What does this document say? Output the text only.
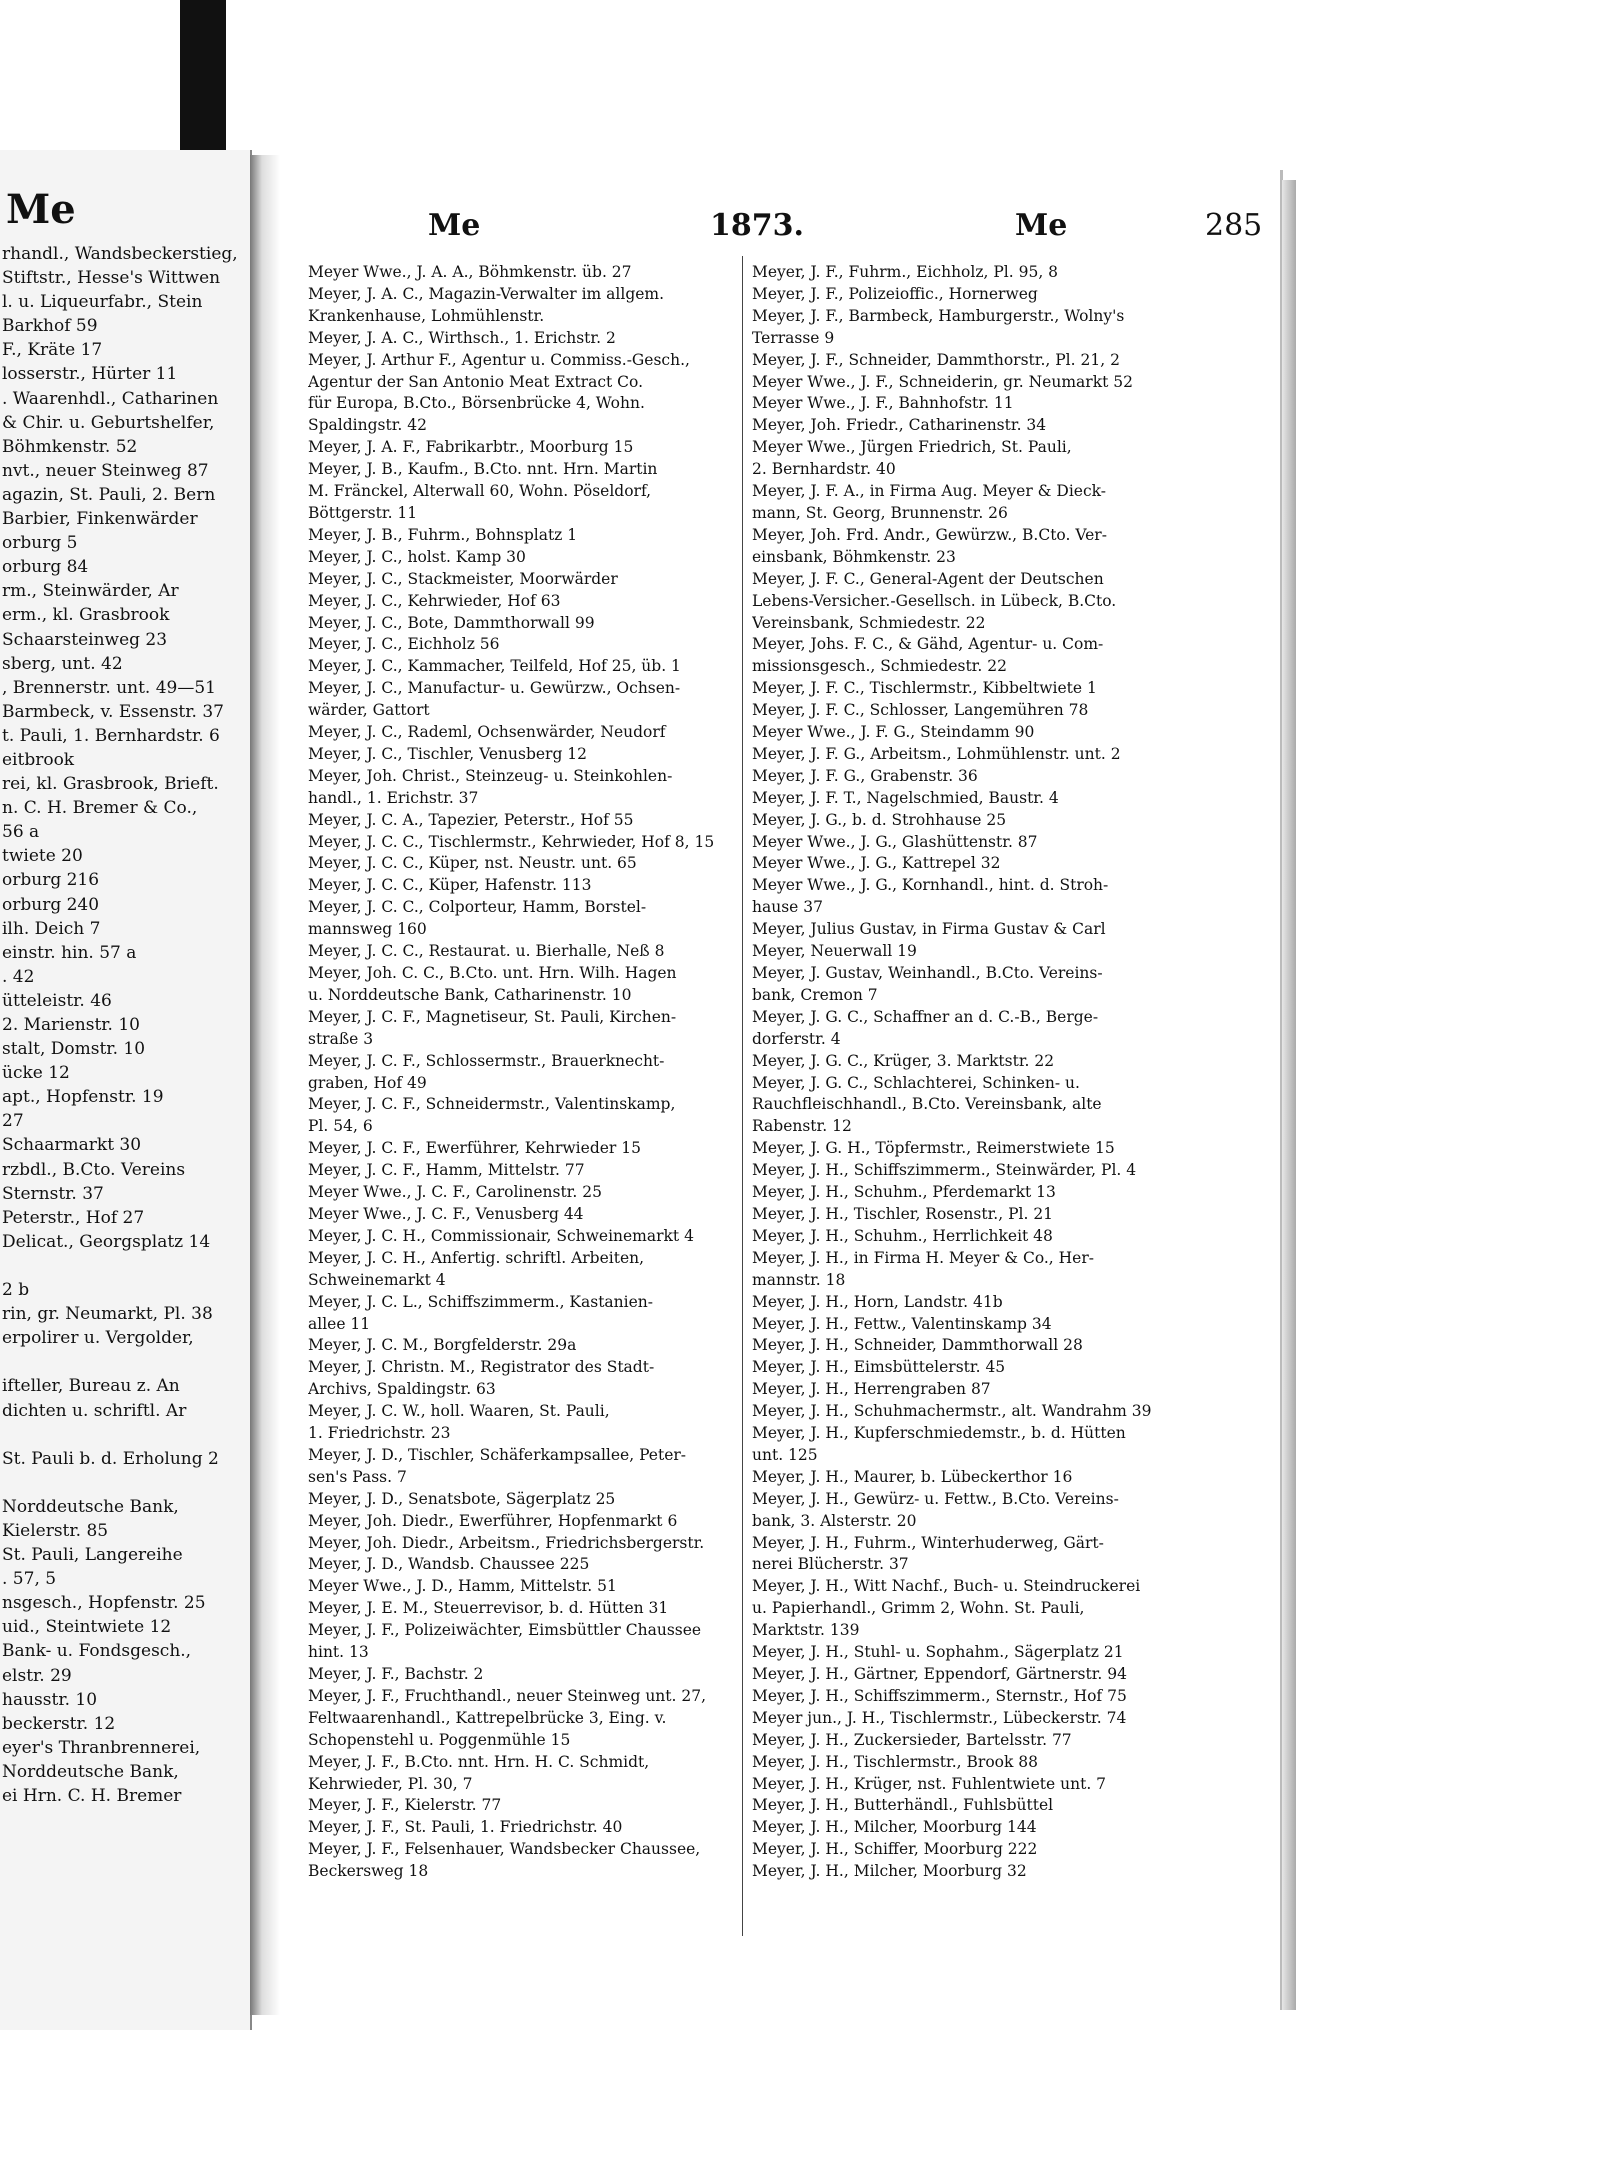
Me
rhandl., Wandsbeckerstieg,
Stiftstr., Hesse's Wittwen
l. u. Liqueurfabr., Stein
Barkhof 59
F., Kräte 17
losserstr., Hürter 11
. Waarenhdl., Catharinen
& Chir. u. Geburtshelfer,
Böhmkenstr. 52
nvt., neuer Steinweg 87
agazin, St. Pauli, 2. Bern
Barbier, Finkenwärder
orburg 5
orburg 84
rm., Steinwärder, Ar
erm., kl. Grasbrook
Schaarsteinweg 23
sberg, unt. 42
, Brennerstr. unt. 49—51
Barmbeck, v. Essenstr. 37
t. Pauli, 1. Bernhardstr. 6
eitbrook
rei, kl. Grasbrook, Brieft.
n. C. H. Bremer & Co.,
56 a
twiete 20
orburg 216
orburg 240
ilh. Deich 7
einstr. hin. 57 a
. 42
ütteleistr. 46
2. Marienstr. 10
stalt, Domstr. 10
ücke 12
apt., Hopfenstr. 19
27
Schaarmarkt 30
rzbdl., B.Cto. Vereins
Sternstr. 37
Peterstr., Hof 27
Delicat., Georgsplatz 14
2 b
rin, gr. Neumarkt, Pl. 38
erpolirer u. Vergolder,
ifteller, Bureau z. An
dichten u. schriftl. Ar
St. Pauli b. d. Erholung 2
Norddeutsche Bank,
Kielerstr. 85
St. Pauli, Langereihe
. 57, 5
nsgesch., Hopfenstr. 25
uid., Steintwiete 12
Bank- u. Fondsgesch.,
elstr. 29
hausstr. 10
beckerstr. 12
eyer's Thranbrennerei,
Norddeutsche Bank,
ei Hrn. C. H. Bremer
Me	1873.	Me	285
Meyer Wwe., J. A. A., Böhmkenstr. üb. 27
Meyer, J. A. C., Magazin-Verwalter im allgem.
Krankenhause, Lohmühlenstr.
Meyer, J. A. C., Wirthsch., 1. Erichstr. 2
Meyer, J. Arthur F., Agentur u. Commiss.-Gesch.,
Agentur der San Antonio Meat Extract Co.
für Europa, B.Cto., Börsenbrücke 4, Wohn.
Spaldingstr. 42
Meyer, J. A. F., Fabrikarbtr., Moorburg 15
Meyer, J. B., Kaufm., B.Cto. nnt. Hrn. Martin
M. Fränckel, Alterwall 60, Wohn. Pöseldorf,
Böttgerstr. 11
Meyer, J. B., Fuhrm., Bohnsplatz 1
Meyer, J. C., holst. Kamp 30
Meyer, J. C., Stackmeister, Moorwärder
Meyer, J. C., Kehrwieder, Hof 63
Meyer, J. C., Bote, Dammthorwall 99
Meyer, J. C., Eichholz 56
Meyer, J. C., Kammacher, Teilfeld, Hof 25, üb. 1
Meyer, J. C., Manufactur- u. Gewürzw., Ochsen-
wärder, Gattort
Meyer, J. C., Rademl, Ochsenwärder, Neudorf
Meyer, J. C., Tischler, Venusberg 12
Meyer, Joh. Christ., Steinzeug- u. Steinkohlen-
handl., 1. Erichstr. 37
Meyer, J. C. A., Tapezier, Peterstr., Hof 55
Meyer, J. C. C., Tischlermstr., Kehrwieder, Hof 8, 15
Meyer, J. C. C., Küper, nst. Neustr. unt. 65
Meyer, J. C. C., Küper, Hafenstr. 113
Meyer, J. C. C., Colporteur, Hamm, Borstel-
mannsweg 160
Meyer, J. C. C., Restaurat. u. Bierhalle, Neß 8
Meyer, Joh. C. C., B.Cto. unt. Hrn. Wilh. Hagen
u. Norddeutsche Bank, Catharinenstr. 10
Meyer, J. C. F., Magnetiseur, St. Pauli, Kirchen-
straße 3
Meyer, J. C. F., Schlossermstr., Brauerknecht-
graben, Hof 49
Meyer, J. C. F., Schneidermstr., Valentinskamp,
Pl. 54, 6
Meyer, J. C. F., Ewerführer, Kehrwieder 15
Meyer, J. C. F., Hamm, Mittelstr. 77
Meyer Wwe., J. C. F., Carolinenstr. 25
Meyer Wwe., J. C. F., Venusberg 44
Meyer, J. C. H., Commissionair, Schweinemarkt 4
Meyer, J. C. H., Anfertig. schriftl. Arbeiten,
Schweinemarkt 4
Meyer, J. C. L., Schiffszimmerm., Kastanien-
allee 11
Meyer, J. C. M., Borgfelderstr. 29a
Meyer, J. Christn. M., Registrator des Stadt-
Archivs, Spaldingstr. 63
Meyer, J. C. W., holl. Waaren, St. Pauli,
1. Friedrichstr. 23
Meyer, J. D., Tischler, Schäferkampsallee, Peter-
sen's Pass. 7
Meyer, J. D., Senatsbote, Sägerplatz 25
Meyer, Joh. Diedr., Ewerführer, Hopfenmarkt 6
Meyer, Joh. Diedr., Arbeitsm., Friedrichsbergerstr.
Meyer, J. D., Wandsb. Chaussee 225
Meyer Wwe., J. D., Hamm, Mittelstr. 51
Meyer, J. E. M., Steuerrevisor, b. d. Hütten 31
Meyer, J. F., Polizeiwächter, Eimsbüttler Chaussee
hint. 13
Meyer, J. F., Bachstr. 2
Meyer, J. F., Fruchthandl., neuer Steinweg unt. 27,
Feltwaarenhandl., Kattrepelbrücke 3, Eing. v.
Schopenstehl u. Poggenmühle 15
Meyer, J. F., B.Cto. nnt. Hrn. H. C. Schmidt,
Kehrwieder, Pl. 30, 7
Meyer, J. F., Kielerstr. 77
Meyer, J. F., St. Pauli, 1. Friedrichstr. 40
Meyer, J. F., Felsenhauer, Wandsbecker Chaussee,
Beckersweg 18
Meyer, J. F., Fuhrm., Eichholz, Pl. 95, 8
Meyer, J. F., Polizeioffic., Hornerweg
Meyer, J. F., Barmbeck, Hamburgerstr., Wolny's
Terrasse 9
Meyer, J. F., Schneider, Dammthorstr., Pl. 21, 2
Meyer Wwe., J. F., Schneiderin, gr. Neumarkt 52
Meyer Wwe., J. F., Bahnhofstr. 11
Meyer, Joh. Friedr., Catharinenstr. 34
Meyer Wwe., Jürgen Friedrich, St. Pauli,
2. Bernhardstr. 40
Meyer, J. F. A., in Firma Aug. Meyer & Dieck-
mann, St. Georg, Brunnenstr. 26
Meyer, Joh. Frd. Andr., Gewürzw., B.Cto. Ver-
einsbank, Böhmkenstr. 23
Meyer, J. F. C., General-Agent der Deutschen
Lebens-Versicher.-Gesellsch. in Lübeck, B.Cto.
Vereinsbank, Schmiedestr. 22
Meyer, Johs. F. C., & Gähd, Agentur- u. Com-
missionsgesch., Schmiedestr. 22
Meyer, J. F. C., Tischlermstr., Kibbeltwiete 1
Meyer, J. F. C., Schlosser, Langemühren 78
Meyer Wwe., J. F. G., Steindamm 90
Meyer, J. F. G., Arbeitsm., Lohmühlenstr. unt. 2
Meyer, J. F. G., Grabenstr. 36
Meyer, J. F. T., Nagelschmied, Baustr. 4
Meyer, J. G., b. d. Strohhause 25
Meyer Wwe., J. G., Glashüttenstr. 87
Meyer Wwe., J. G., Kattrepel 32
Meyer Wwe., J. G., Kornhandl., hint. d. Stroh-
hause 37
Meyer, Julius Gustav, in Firma Gustav & Carl
Meyer, Neuerwall 19
Meyer, J. Gustav, Weinhandl., B.Cto. Vereins-
bank, Cremon 7
Meyer, J. G. C., Schaffner an d. C.-B., Berge-
dorferstr. 4
Meyer, J. G. C., Krüger, 3. Marktstr. 22
Meyer, J. G. C., Schlachterei, Schinken- u.
Rauchfleischhandl., B.Cto. Vereinsbank, alte
Rabenstr. 12
Meyer, J. G. H., Töpfermstr., Reimerstwiete 15
Meyer, J. H., Schiffszimmerm., Steinwärder, Pl. 4
Meyer, J. H., Schuhm., Pferdemarkt 13
Meyer, J. H., Tischler, Rosenstr., Pl. 21
Meyer, J. H., Schuhm., Herrlichkeit 48
Meyer, J. H., in Firma H. Meyer & Co., Her-
mannstr. 18
Meyer, J. H., Horn, Landstr. 41b
Meyer, J. H., Fettw., Valentinskamp 34
Meyer, J. H., Schneider, Dammthorwall 28
Meyer, J. H., Eimsbüttelerstr. 45
Meyer, J. H., Herrengraben 87
Meyer, J. H., Schuhmachermstr., alt. Wandrahm 39
Meyer, J. H., Kupferschmiedemstr., b. d. Hütten
unt. 125
Meyer, J. H., Maurer, b. Lübeckerthor 16
Meyer, J. H., Gewürz- u. Fettw., B.Cto. Vereins-
bank, 3. Alsterstr. 20
Meyer, J. H., Fuhrm., Winterhuderweg, Gärt-
nerei Blücherstr. 37
Meyer, J. H., Witt Nachf., Buch- u. Steindruckerei
u. Papierhandl., Grimm 2, Wohn. St. Pauli,
Marktstr. 139
Meyer, J. H., Stuhl- u. Sophahm., Sägerplatz 21
Meyer, J. H., Gärtner, Eppendorf, Gärtnerstr. 94
Meyer, J. H., Schiffszimmerm., Sternstr., Hof 75
Meyer jun., J. H., Tischlermstr., Lübeckerstr. 74
Meyer, J. H., Zuckersieder, Bartelsstr. 77
Meyer, J. H., Tischlermstr., Brook 88
Meyer, J. H., Krüger, nst. Fuhlentwiete unt. 7
Meyer, J. H., Butterhändl., Fuhlsbüttel
Meyer, J. H., Milcher, Moorburg 144
Meyer, J. H., Schiffer, Moorburg 222
Meyer, J. H., Milcher, Moorburg 32
